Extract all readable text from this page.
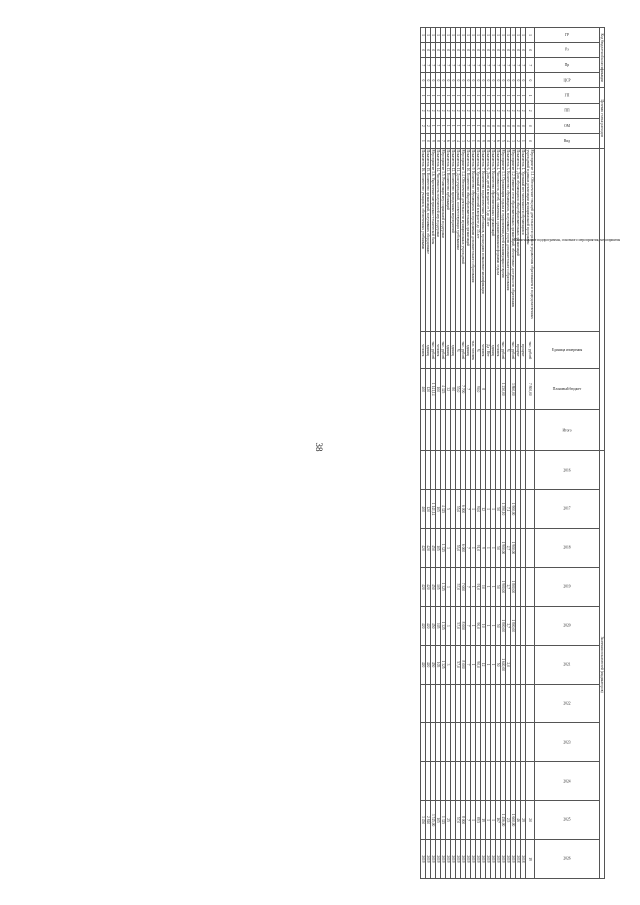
38
Код бюджетной классификации				Целевая статья расходов								Значения показателей (индикаторов)										
ГР	Рз	Пр	ЦСР	ГП	ПП	ОМ	Вид	Наименование подпрограммы, основного мероприятия, мероприятия	Единица измерения	Плановый бюджет	Итого	2016	2017	2018	2019	2020	2021	2022	2023	2024	2025	2026
1	0	7	0	1	2	0	0	Мероприятие 1.1. Обеспечение текущей деятельности органов управления образованием и подведомственных учреждений в рамках реализации муниципальной программы	тыс. рублей	7 800,00											20	19
1	0	7	0	1	2	0	1	Показатель 1. Удельный вес численности обучающихся	процент												29	2018
1	0	7	0	1	2	0	2	Показатель 2. Доля обучающихся общеобразовательных организаций	процент												46	2018
1	0	7	0	1	2	0	3	Мероприятие 1.2. Развитие сети образовательных организаций, обеспечение доступности образования	тыс. рублей	3 860,00			1 900,00	1 900,00	1 800,00	1 800,00					1 600,00	2019
1	0	7	0	1	2	0	4	Показатель 3. Количество обучающихся, получивших услуги дополнительного образования	%				7,1	2,7	2,7	2,7	2,0				2,5	2019
1	0	7	0	1	2	0	5	Мероприятие 1.3. Организация отдыха и оздоровления детей в каникулярное время	тыс. рублей	1 230,00			1 390,10	1 900,00	1 900,00	1 800,00	1 640,00				1 456,00	2019
1	0	7	0	1	2	0	6	Показатель 4. Численность детей, охваченных организованными формами отдыха	человек				50	50	50	50	50				167	2019
1	0	7	0	1	2	0	7	Показатель 5. Количество образовательных организаций	единиц				1	1	1	1	1				1	2019
1	0	7	0	1	2	0	8	Показатель 6. Доля детей в возрасте от 5 до 18 лет	Да / Нет				1	1	1	1	1				1	2019
1	0	7	0	1	2	0	9	Показатель 7. Количество педагогических работников, прошедших повышение квалификации	человек	8			12	9	10	10	12				19	2019
1	0	7	0	1	2	1	0	Показатель 8. Удельный вес учителей в возрасте до 35 лет	%	90,0			90,0	91,0	91,0	90,0	90,0				89,5	2019
1	0	7	0	1	2	1	1	Показатель 9. Количество обучающихся по программам дополнительного образования	тыс. человек				1	1	1	1	1				1	2019
1	0	7	0	1	2	1	2	Показатель 10. Количество общеобразовательных организаций	единиц	7			7	7	7	7	7				7	2019
1	0	7	0	1	2	1	3	Мероприятие 1.4. Обеспечение деятельности муниципальных учреждений	тыс. рублей	7 700			6 000	6 000	7 000	8 000	8 000				8 000	2019
1	0	7	0	1	2	1	4	Показатель 11. Доля учреждений, соответствующих требованиям	%	55,0			55,0	55,0	57,0	57,0	57,0				57,0	2019
1	0	7	0	1	2	1	5	Показатель 12. Количество проведенных мероприятий	единиц	80												2019
1	0	7	0	1	2	1	6	Показатель 13. Количество публикаций	единиц	32			5	3	3	3	3				25	2019
1	0	7	0	1	2	1	7	Мероприятие 1.5. Реализация мер социальной поддержки	тыс. рублей	4 325			4 325	1 325	1 325	1 325	1 325				1 325	2019
1	0	7	0	1	2	1	8	Показатель 14. Численность получателей мер поддержки	человек	100			105	105	105	105	105				105	2019
1	0	7	0	1	2	1	9	Мероприятие 1.6. Укрепление материально-технической базы	тыс. рублей	1 141,14			1 141,14	450	450	450	450				3 745,00	2019
1	0	7	0	1	2	2	0	Показатель 15. Количество организаций, получивших оборудование	единиц	120			120	420	420	420	420				2 840	2019
1	0	7	0	1	2	2	1	Показатель 16. Количество учащихся, обеспеченных учебниками	человек	400			400	420	420	420	420				3 450	2019
